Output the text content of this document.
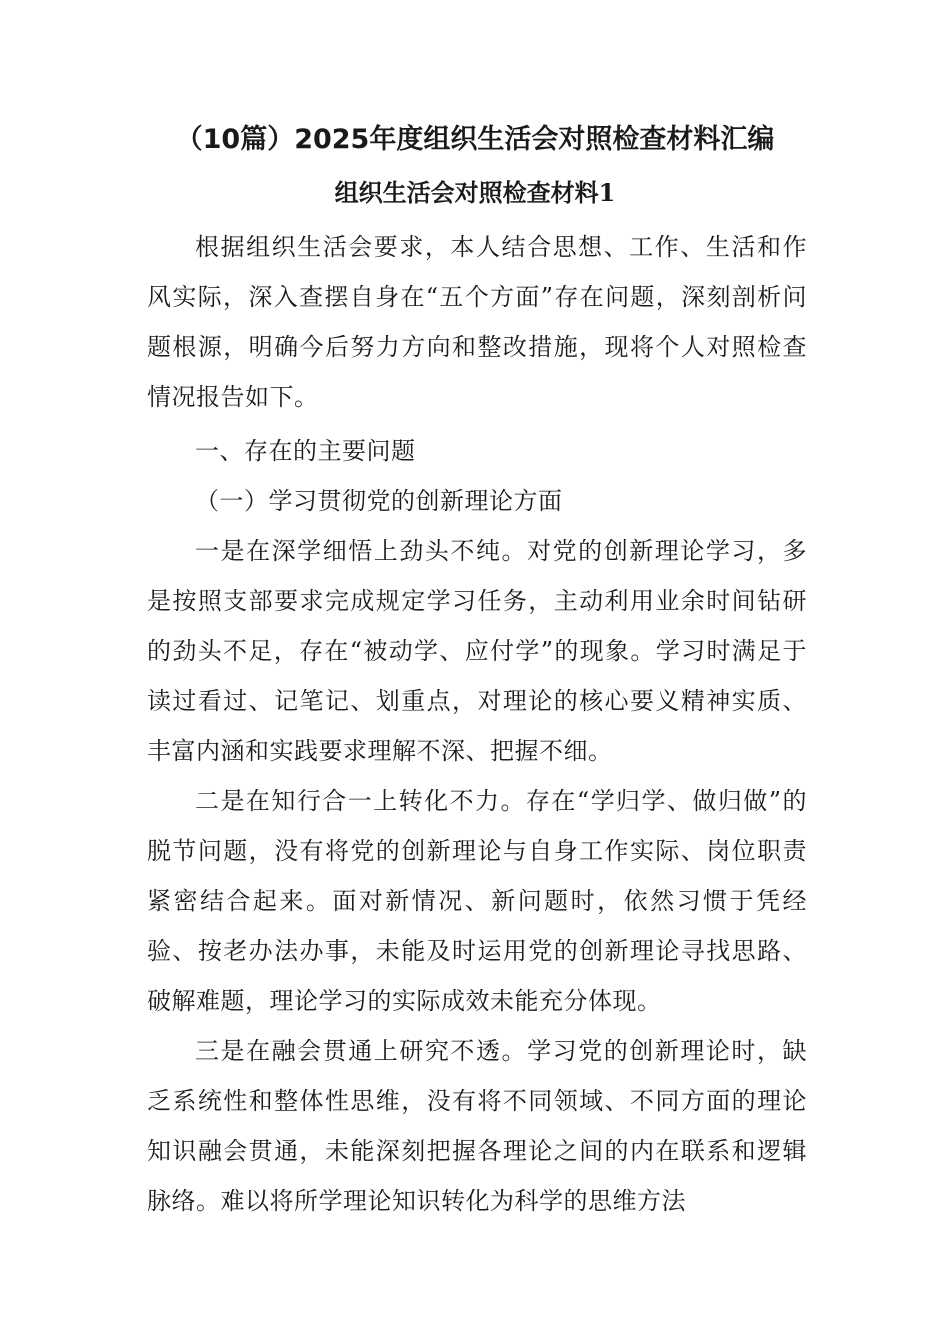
（10篇）2025年度组织生活会对照检查材料汇编
组织生活会对照检查材料1

根据组织生活会要求，本人结合思想、工作、生活和作风实际，深入查摆自身在“五个方面”存在问题，深刻剖析问题根源，明确今后努力方向和整改措施，现将个人对照检查情况报告如下。

一、存在的主要问题

（一）学习贯彻党的创新理论方面

一是在深学细悟上劲头不纯。对党的创新理论学习，多是按照支部要求完成规定学习任务，主动利用业余时间钻研的劲头不足，存在“被动学、应付学”的现象。学习时满足于读过看过、记笔记、划重点，对理论的核心要义精神实质、丰富内涵和实践要求理解不深、把握不细。

二是在知行合一上转化不力。存在“学归学、做归做”的脱节问题，没有将党的创新理论与自身工作实际、岗位职责紧密结合起来。面对新情况、新问题时，依然习惯于凭经验、按老办法办事，未能及时运用党的创新理论寻找思路、破解难题，理论学习的实际成效未能充分体现。

三是在融会贯通上研究不透。学习党的创新理论时，缺乏系统性和整体性思维，没有将不同领域、不同方面的理论知识融会贯通，未能深刻把握各理论之间的内在联系和逻辑脉络。难以将所学理论知识转化为科学的思维方法
